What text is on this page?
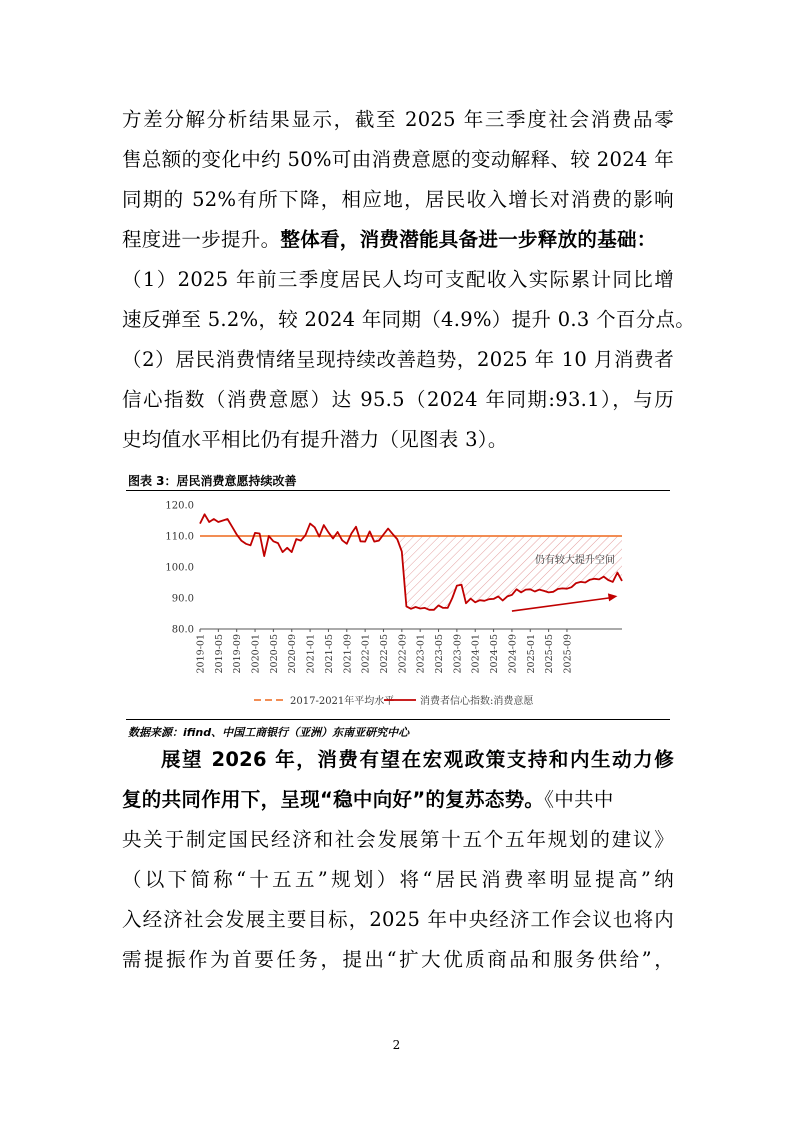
方差分解分析结果显示，截至 2025 年三季度社会消费品零
售总额的变化中约 50%可由消费意愿的变动解释、较 2024 年
同期的 52%有所下降，相应地，居民收入增长对消费的影响
程度进一步提升。整体看，消费潜能具备进一步释放的基础：
（1）2025 年前三季度居民人均可支配收入实际累计同比增
速反弹至 5.2%，较 2024 年同期（4.9%）提升 0.3 个百分点。
（2）居民消费情绪呈现持续改善趋势，2025 年 10 月消费者
信心指数（消费意愿）达 95.5（2024 年同期:93.1），与历
史均值水平相比仍有提升潜力（见图表 3）。
图表 3：居民消费意愿持续改善
80.0
90.0
100.0
110.0
120.0
2019-01 2019-05 2019-09 2020-01 2020-05 2020-09 2021-01 2021-05 2021-09 2022-01 2022-05 2022-09 2023-01 2023-05 2023-09 2024-01 2024-05 2024-09 2025-01 2025-05 2025-09
仍有较大提升空间
2017-2021年平均水平	消费者信心指数:消费意愿
数据来源：ifind、中国工商银行（亚洲）东南亚研究中心
展望 2026 年，消费有望在宏观政策支持和内生动力修
复的共同作用下，呈现“稳中向好”的复苏态势。《中共中
央关于制定国民经济和社会发展第十五个五年规划的建议》
（以下简称“十五五”规划）将“居民消费率明显提高”纳
入经济社会发展主要目标，2025 年中央经济工作会议也将内
需提振作为首要任务，提出“扩大优质商品和服务供给”，
2
